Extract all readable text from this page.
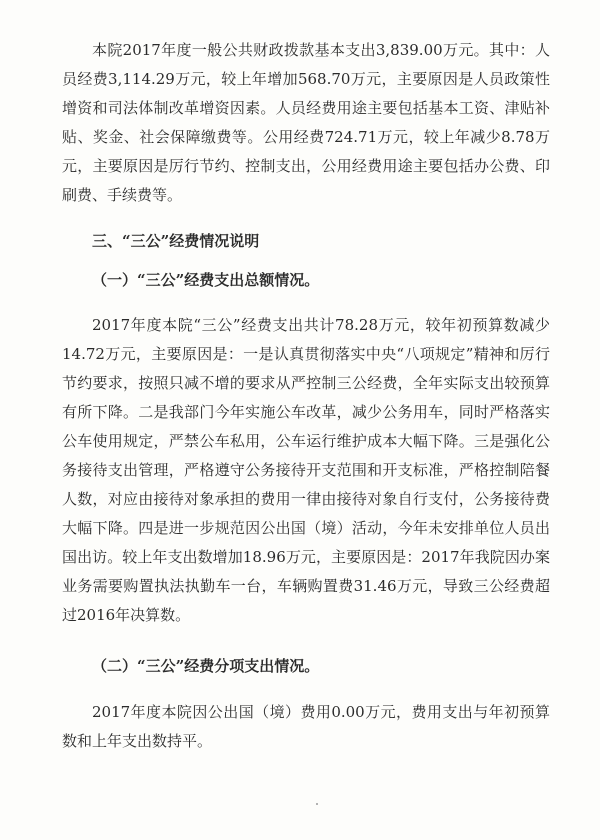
本院2017年度一般公共财政拨款基本支出3,839.00万元。其中：人员经费3,114.29万元，较上年增加568.70万元，主要原因是人员政策性增资和司法体制改革增资因素。人员经费用途主要包括基本工资、津贴补贴、奖金、社会保障缴费等。公用经费724.71万元，较上年减少8.78万元，主要原因是厉行节约、控制支出，公用经费用途主要包括办公费、印刷费、手续费等。

三、“三公”经费情况说明

（一）“三公”经费支出总额情况。

2017年度本院“三公”经费支出共计78.28万元，较年初预算数减少14.72万元，主要原因是：一是认真贯彻落实中央“八项规定”精神和厉行节约要求，按照只减不增的要求从严控制三公经费，全年实际支出较预算有所下降。二是我部门今年实施公车改革，减少公务用车，同时严格落实公车使用规定，严禁公车私用，公车运行维护成本大幅下降。三是强化公务接待支出管理，严格遵守公务接待开支范围和开支标准，严格控制陪餐人数，对应由接待对象承担的费用一律由接待对象自行支付，公务接待费大幅下降。四是进一步规范因公出国（境）活动，今年未安排单位人员出国出访。较上年支出数增加18.96万元，主要原因是：2017年我院因办案业务需要购置执法执勤车一台，车辆购置费31.46万元，导致三公经费超过2016年决算数。

（二）“三公”经费分项支出情况。

2017年度本院因公出国（境）费用0.00万元，费用支出与年初预算数和上年支出数持平。
